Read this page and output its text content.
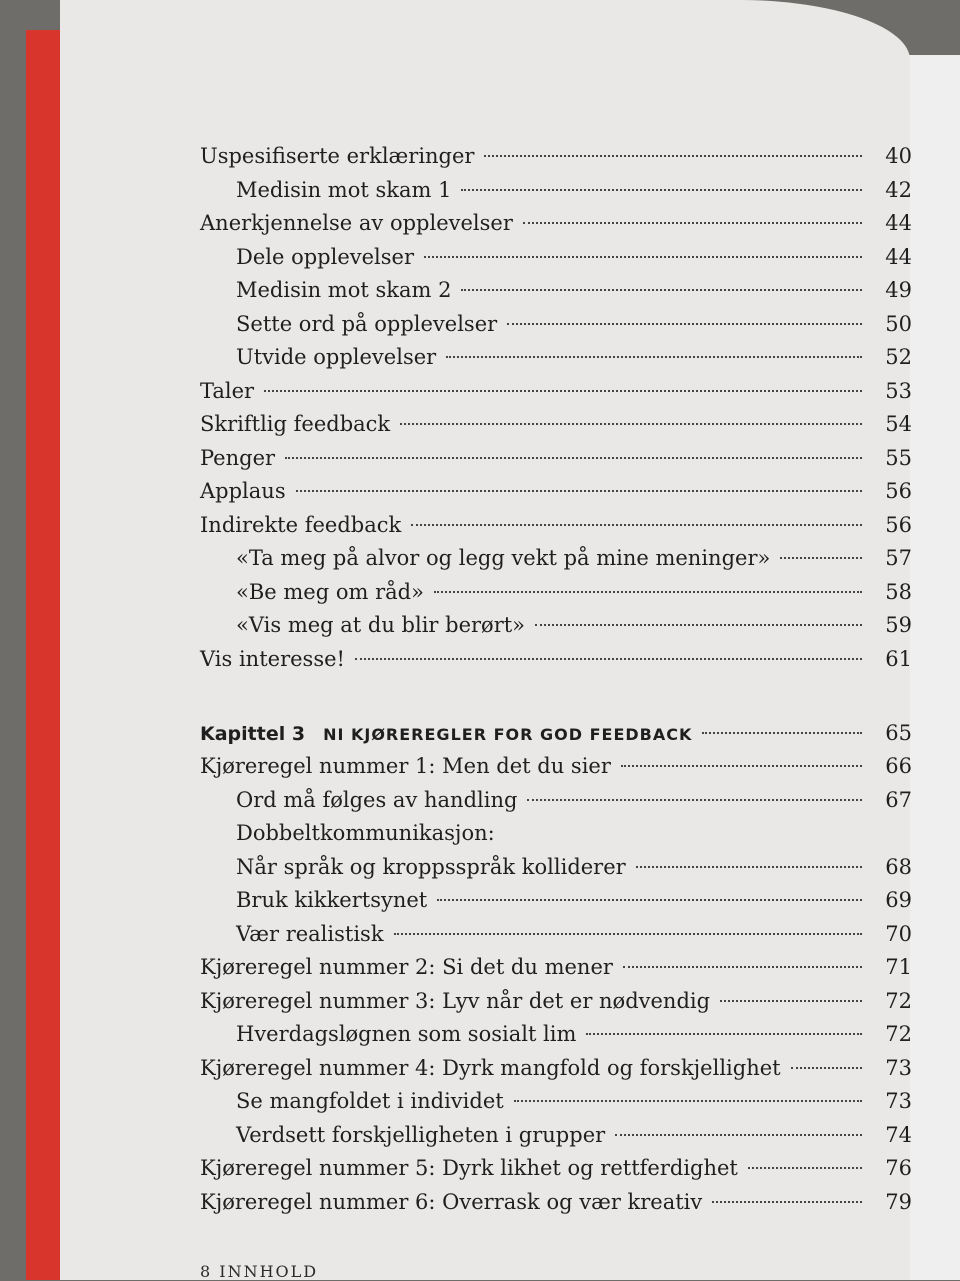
Uspesifiserte erklæringer	40
Medisin mot skam 1	42
Anerkjennelse av opplevelser	44
Dele opplevelser	44
Medisin mot skam 2	49
Sette ord på opplevelser	50
Utvide opplevelser	52
Taler	53
Skriftlig feedback	54
Penger	55
Applaus	56
Indirekte feedback	56
«Ta meg på alvor og legg vekt på mine meninger»	57
«Be meg om råd»	58
«Vis meg at du blir berørt»	59
Vis interesse!	61
Kapittel 3 NI KJØREREGLER FOR GOD FEEDBACK	65
Kjøreregel nummer 1: Men det du sier	66
Ord må følges av handling	67
Dobbeltkommunikasjon:
Når språk og kroppsspråk kolliderer	68
Bruk kikkertsynet	69
Vær realistisk	70
Kjøreregel nummer 2: Si det du mener	71
Kjøreregel nummer 3: Lyv når det er nødvendig	72
Hverdagsløgnen som sosialt lim	72
Kjøreregel nummer 4: Dyrk mangfold og forskjellighet	73
Se mangfoldet i individet	73
Verdsett forskjelligheten i grupper	74
Kjøreregel nummer 5: Dyrk likhet og rettferdighet	76
Kjøreregel nummer 6: Overrask og vær kreativ	79
8 INNHOLD
